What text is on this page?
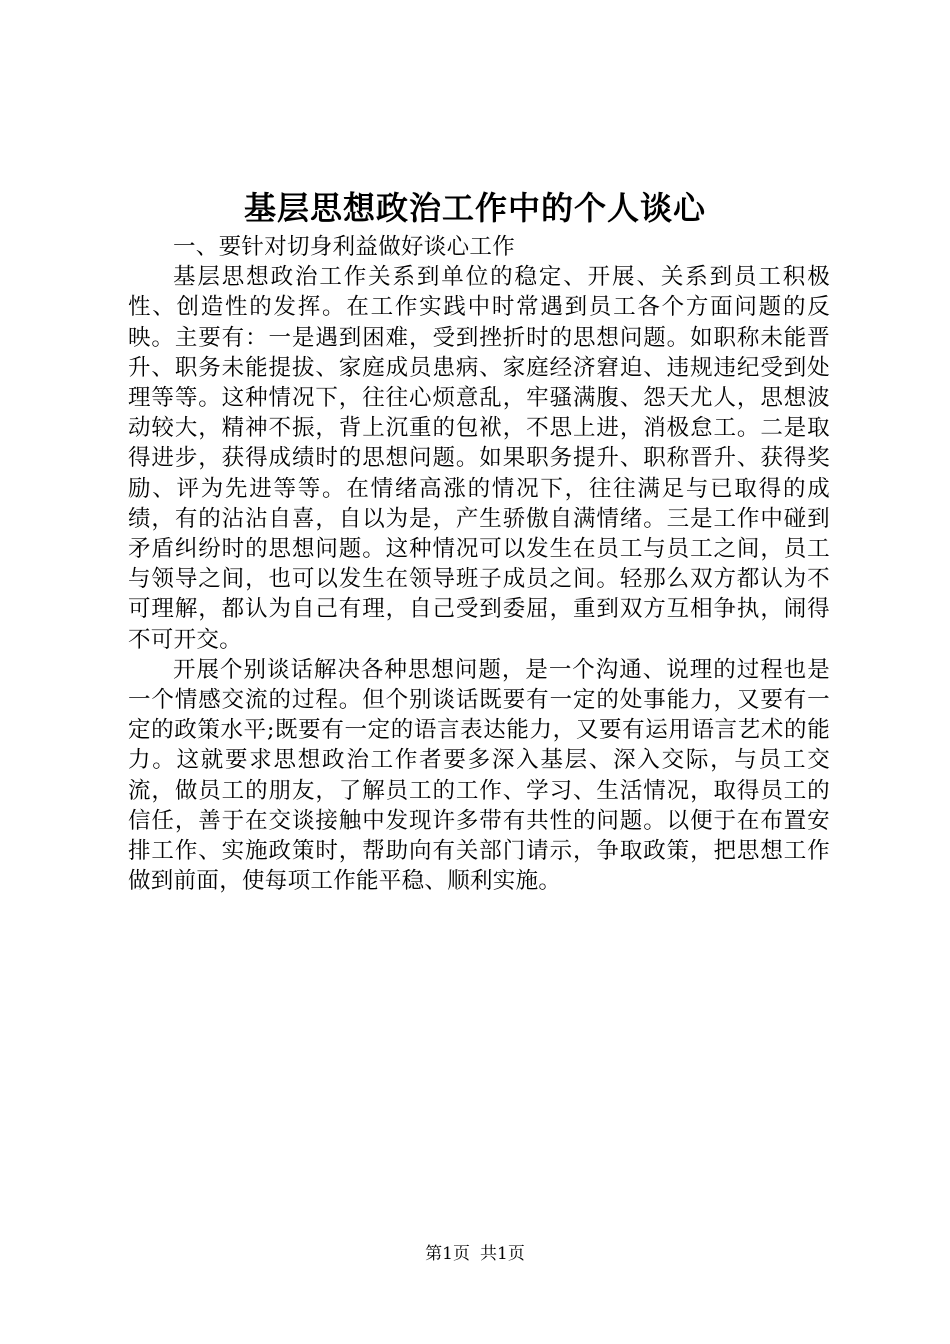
基层思想政治工作中的个人谈心

一、要针对切身利益做好谈心工作

基层思想政治工作关系到单位的稳定、开展、关系到员工积极性、创造性的发挥。在工作实践中时常遇到员工各个方面问题的反映。主要有：一是遇到困难，受到挫折时的思想问题。如职称未能晋升、职务未能提拔、家庭成员患病、家庭经济窘迫、违规违纪受到处理等等。这种情况下，往往心烦意乱，牢骚满腹、怨天尤人，思想波动较大，精神不振，背上沉重的包袱，不思上进，消极怠工。二是取得进步，获得成绩时的思想问题。如果职务提升、职称晋升、获得奖励、评为先进等等。在情绪高涨的情况下，往往满足与已取得的成绩，有的沾沾自喜，自以为是，产生骄傲自满情绪。三是工作中碰到矛盾纠纷时的思想问题。这种情况可以发生在员工与员工之间，员工与领导之间，也可以发生在领导班子成员之间。轻那么双方都认为不可理解，都认为自己有理，自己受到委屈，重到双方互相争执，闹得不可开交。

开展个别谈话解决各种思想问题，是一个沟通、说理的过程也是一个情感交流的过程。但个别谈话既要有一定的处事能力，又要有一定的政策水平;既要有一定的语言表达能力，又要有运用语言艺术的能力。这就要求思想政治工作者要多深入基层、深入交际，与员工交流，做员工的朋友，了解员工的工作、学习、生活情况，取得员工的信任，善于在交谈接触中发现许多带有共性的问题。以便于在布置安排工作、实施政策时，帮助向有关部门请示，争取政策，把思想工作做到前面，使每项工作能平稳、顺利实施。

第1页 共1页
